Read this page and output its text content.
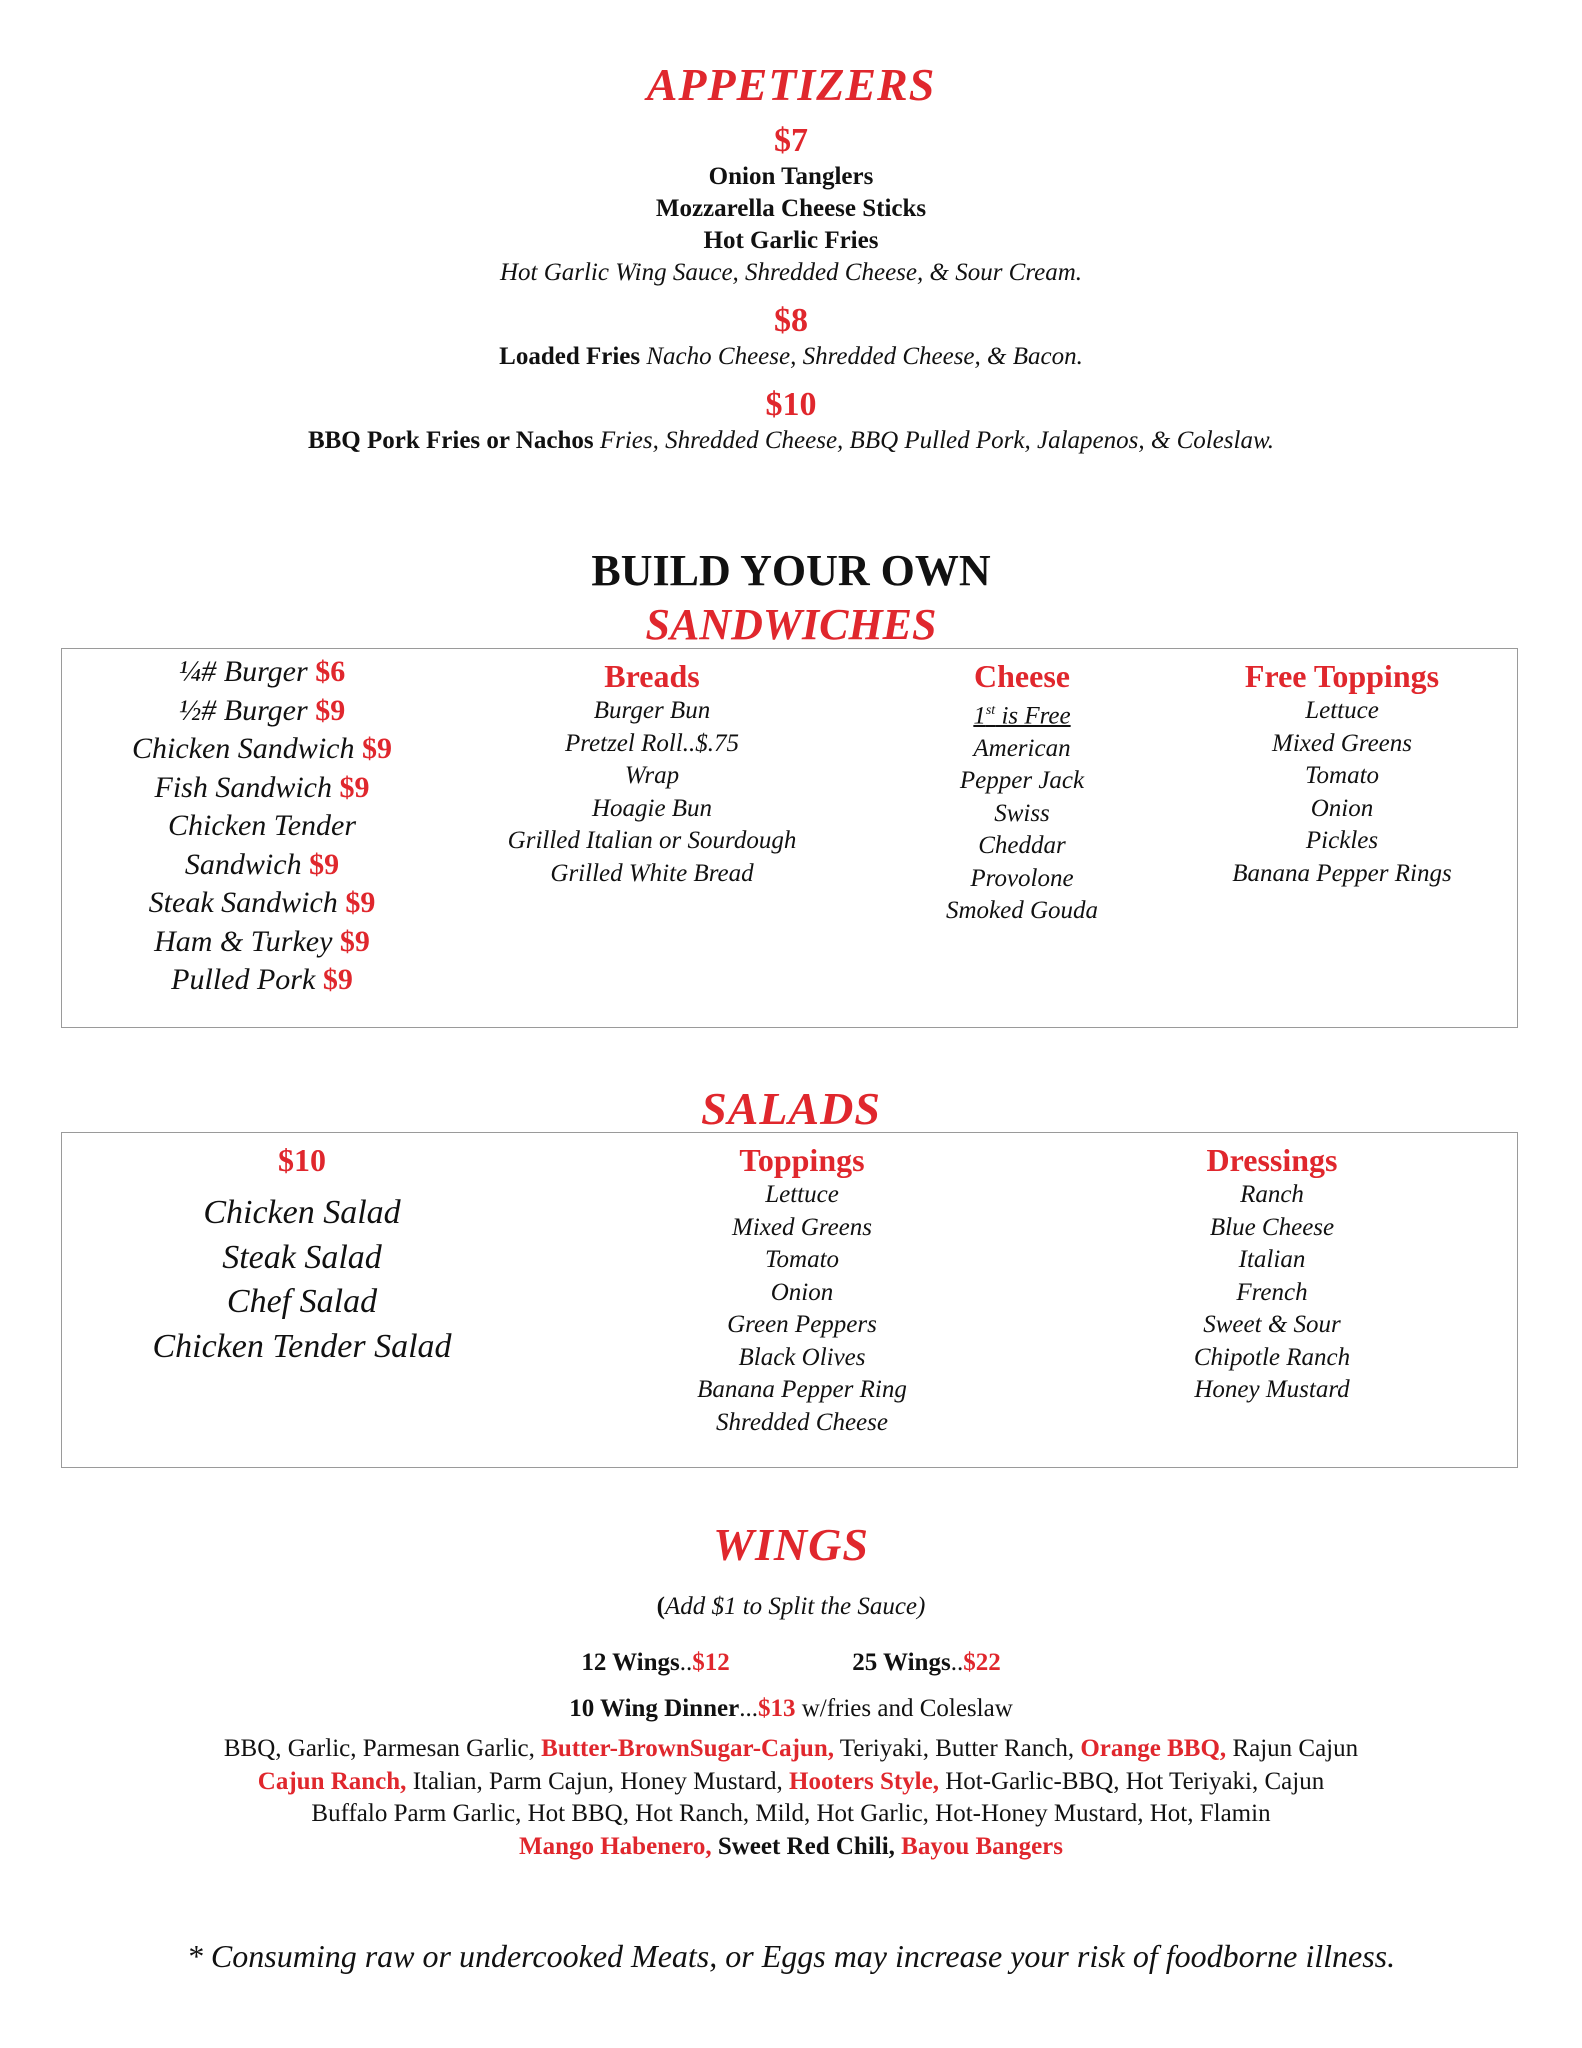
APPETIZERS
$7
Onion Tanglers
Mozzarella Cheese Sticks
Hot Garlic Fries
Hot Garlic Wing Sauce, Shredded Cheese, & Sour Cream.
$8
Loaded Fries Nacho Cheese, Shredded Cheese, & Bacon.
$10
BBQ Pork Fries or Nachos Fries, Shredded Cheese, BBQ Pulled Pork, Jalapenos, & Coleslaw.
BUILD YOUR OWN
SANDWICHES
¼# Burger $6
½# Burger $9
Chicken Sandwich $9
Fish Sandwich $9
Chicken Tender
Sandwich $9
Steak Sandwich $9
Ham & Turkey $9
Pulled Pork $9
Breads
Burger Bun
Pretzel Roll..$.75
Wrap
Hoagie Bun
Grilled Italian or Sourdough
Grilled White Bread
Cheese
1st is Free
American
Pepper Jack
Swiss
Cheddar
Provolone
Smoked Gouda
Free Toppings
Lettuce
Mixed Greens
Tomato
Onion
Pickles
Banana Pepper Rings
SALADS
$10
Chicken Salad
Steak Salad
Chef Salad
Chicken Tender Salad
Toppings
Lettuce
Mixed Greens
Tomato
Onion
Green Peppers
Black Olives
Banana Pepper Ring
Shredded Cheese
Dressings
Ranch
Blue Cheese
Italian
French
Sweet & Sour
Chipotle Ranch
Honey Mustard
WINGS
(Add $1 to Split the Sauce)
12 Wings..$12	25 Wings..$22
10 Wing Dinner...$13 w/fries and Coleslaw
BBQ, Garlic, Parmesan Garlic, Butter-BrownSugar-Cajun, Teriyaki, Butter Ranch, Orange BBQ, Rajun Cajun
Cajun Ranch, Italian, Parm Cajun, Honey Mustard, Hooters Style, Hot-Garlic-BBQ, Hot Teriyaki, Cajun
Buffalo Parm Garlic, Hot BBQ, Hot Ranch, Mild, Hot Garlic, Hot-Honey Mustard, Hot, Flamin
Mango Habenero, Sweet Red Chili, Bayou Bangers
* Consuming raw or undercooked Meats, or Eggs may increase your risk of foodborne illness.
